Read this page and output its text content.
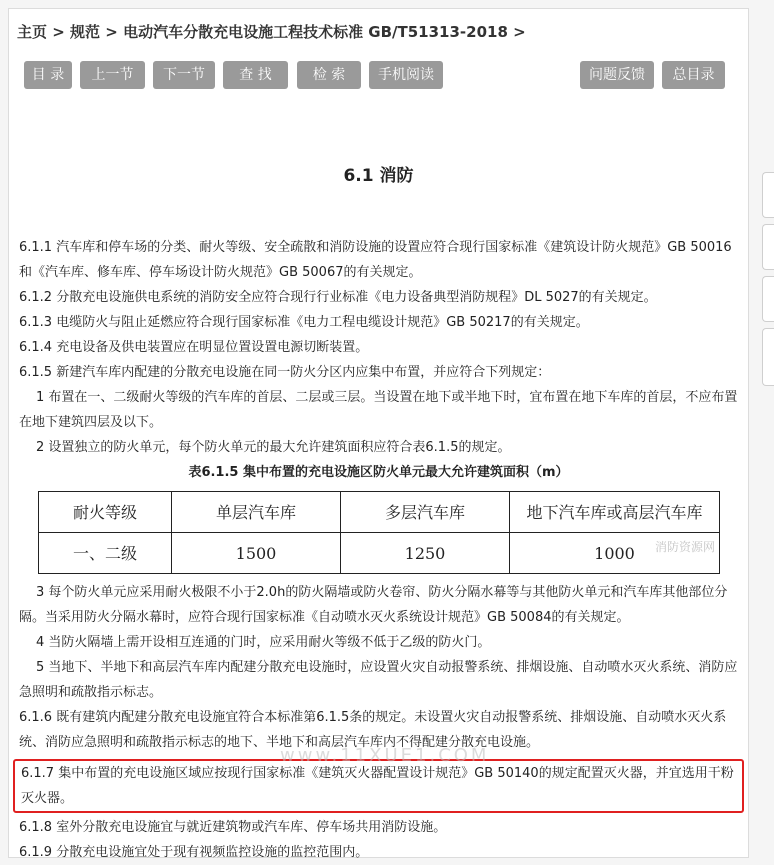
主页 > 规范 > 电动汽车分散充电设施工程技术标准 GB/T51313-2018 >
目 录	上一节	下一节	查 找	检 索	手机阅读	问题反馈	总目录
6.1 消防

6.1.1 汽车库和停车场的分类、耐火等级、安全疏散和消防设施的设置应符合现行国家标准《建筑设计防火规范》GB 50016和《汽车库、修车库、停车场设计防火规范》GB 50067的有关规定。

6.1.2 分散充电设施供电系统的消防安全应符合现行行业标准《电力设备典型消防规程》DL 5027的有关规定。

6.1.3 电缆防火与阻止延燃应符合现行国家标准《电力工程电缆设计规范》GB 50217的有关规定。

6.1.4 充电设备及供电装置应在明显位置设置电源切断装置。

6.1.5 新建汽车库内配建的分散充电设施在同一防火分区内应集中布置，并应符合下列规定：

1 布置在一、二级耐火等级的汽车库的首层、二层或三层。当设置在地下或半地下时，宜布置在地下车库的首层，不应布置在地下建筑四层及以下。

2 设置独立的防火单元，每个防火单元的最大允许建筑面积应符合表6.1.5的规定。

表6.1.5 集中布置的充电设施区防火单元最大允许建筑面积（m）

耐火等级	单层汽车库	多层汽车库	地下汽车库或高层汽车库
一、二级	1500	1250	1000 消防资源网

3 每个防火单元应采用耐火极限不小于2.0h的防火隔墙或防火卷帘、防火分隔水幕等与其他防火单元和汽车库其他部位分隔。当采用防火分隔水幕时，应符合现行国家标准《自动喷水灭火系统设计规范》GB 50084的有关规定。

4 当防火隔墙上需开设相互连通的门时，应采用耐火等级不低于乙级的防火门。

5 当地下、半地下和高层汽车库内配建分散充电设施时，应设置火灾自动报警系统、排烟设施、自动喷水灭火系统、消防应急照明和疏散指示标志。

6.1.6 既有建筑内配建分散充电设施宜符合本标准第6.1.5条的规定。未设置火灾自动报警系统、排烟设施、自动喷水灭火系统、消防应急照明和疏散指示标志的地下、半地下和高层汽车库内不得配建分散充电设施。

www.11XUE1.COM

6.1.7 集中布置的充电设施区域应按现行国家标准《建筑灭火器配置设计规范》GB 50140的规定配置灭火器，并宜选用干粉灭火器。

6.1.8 室外分散充电设施宜与就近建筑物或汽车库、停车场共用消防设施。

6.1.9 分散充电设施宜处于现有视频监控设施的监控范围内。
